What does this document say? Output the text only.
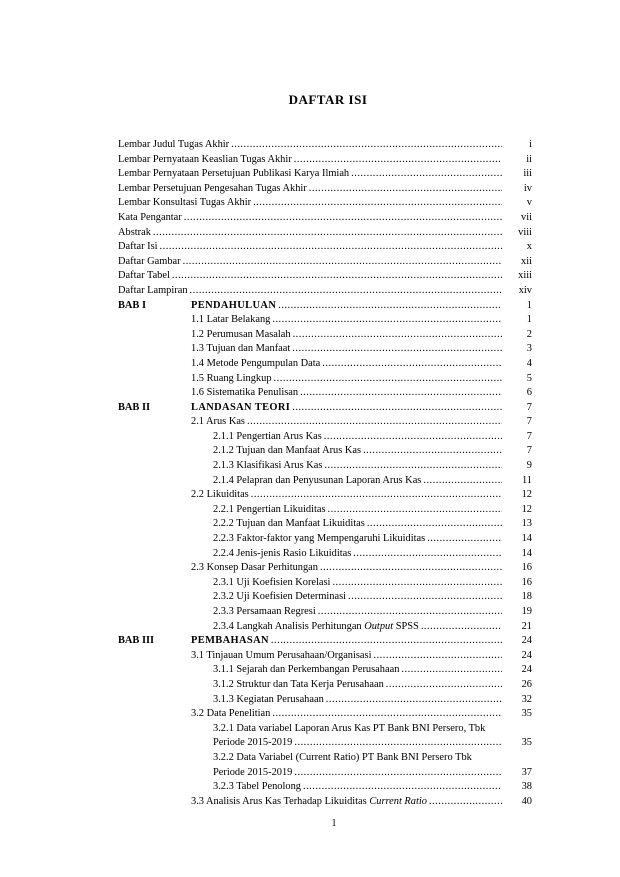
DAFTAR ISI
Lembar Judul Tugas Akhir .....	i
Lembar Pernyataan Keaslian Tugas Akhir .....	ii
Lembar Pernyataan Persetujuan Publikasi Karya Ilmiah .....	iii
Lembar Persetujuan Pengesahan Tugas Akhir .....	iv
Lembar Konsultasi Tugas Akhir .....	v
Kata Pengantar .....	vii
Abstrak .....	viii
Daftar Isi .....	x
Daftar Gambar .....	xii
Daftar Tabel .....	xiii
Daftar Lampiran .....	xiv
BAB I	PENDAHULUAN .....	1
1.1 Latar Belakang .....	1
1.2 Perumusan Masalah .....	2
1.3 Tujuan dan Manfaat .....	3
1.4 Metode Pengumpulan Data .....	4
1.5 Ruang Lingkup .....	5
1.6 Sistematika Penulisan .....	6
BAB II	LANDASAN TEORI .....	7
2.1 Arus Kas .....	7
2.1.1 Pengertian Arus Kas .....	7
2.1.2 Tujuan dan Manfaat Arus Kas .....	7
2.1.3 Klasifikasi Arus Kas .....	9
2.1.4 Pelapran dan Penyusunan Laporan Arus Kas .....	11
2.2 Likuiditas .....	12
2.2.1 Pengertian Likuiditas .....	12
2.2.2 Tujuan dan Manfaat Likuiditas .....	13
2.2.3 Faktor-faktor yang Mempengaruhi Likuiditas .....	14
2.2.4 Jenis-jenis Rasio Likuiditas .....	14
2.3 Konsep Dasar Perhitungan .....	16
2.3.1 Uji Koefisien Korelasi .....	16
2.3.2 Uji Koefisien Determinasi .....	18
2.3.3 Persamaan Regresi .....	19
2.3.4 Langkah Analisis Perhitungan Output SPSS .....	21
BAB III	PEMBAHASAN .....	24
3.1 Tinjauan Umum Perusahaan/Organisasi .....	24
3.1.1 Sejarah dan Perkembangan Perusahaan .....	24
3.1.2 Struktur dan Tata Kerja Perusahaan .....	26
3.1.3 Kegiatan Perusahaan .....	32
3.2 Data Penelitian .....	35
3.2.1 Data variabel Laporan Arus Kas PT Bank BNI Persero, Tbk
Periode 2015-2019 .....	35
3.2.2 Data Variabel (Current Ratio) PT Bank BNI Persero Tbk
Periode 2015-2019 .....	37
3.2.3 Tabel Penolong .....	38
3.3 Analisis Arus Kas Terhadap Likuiditas Current Ratio .....	40
1
